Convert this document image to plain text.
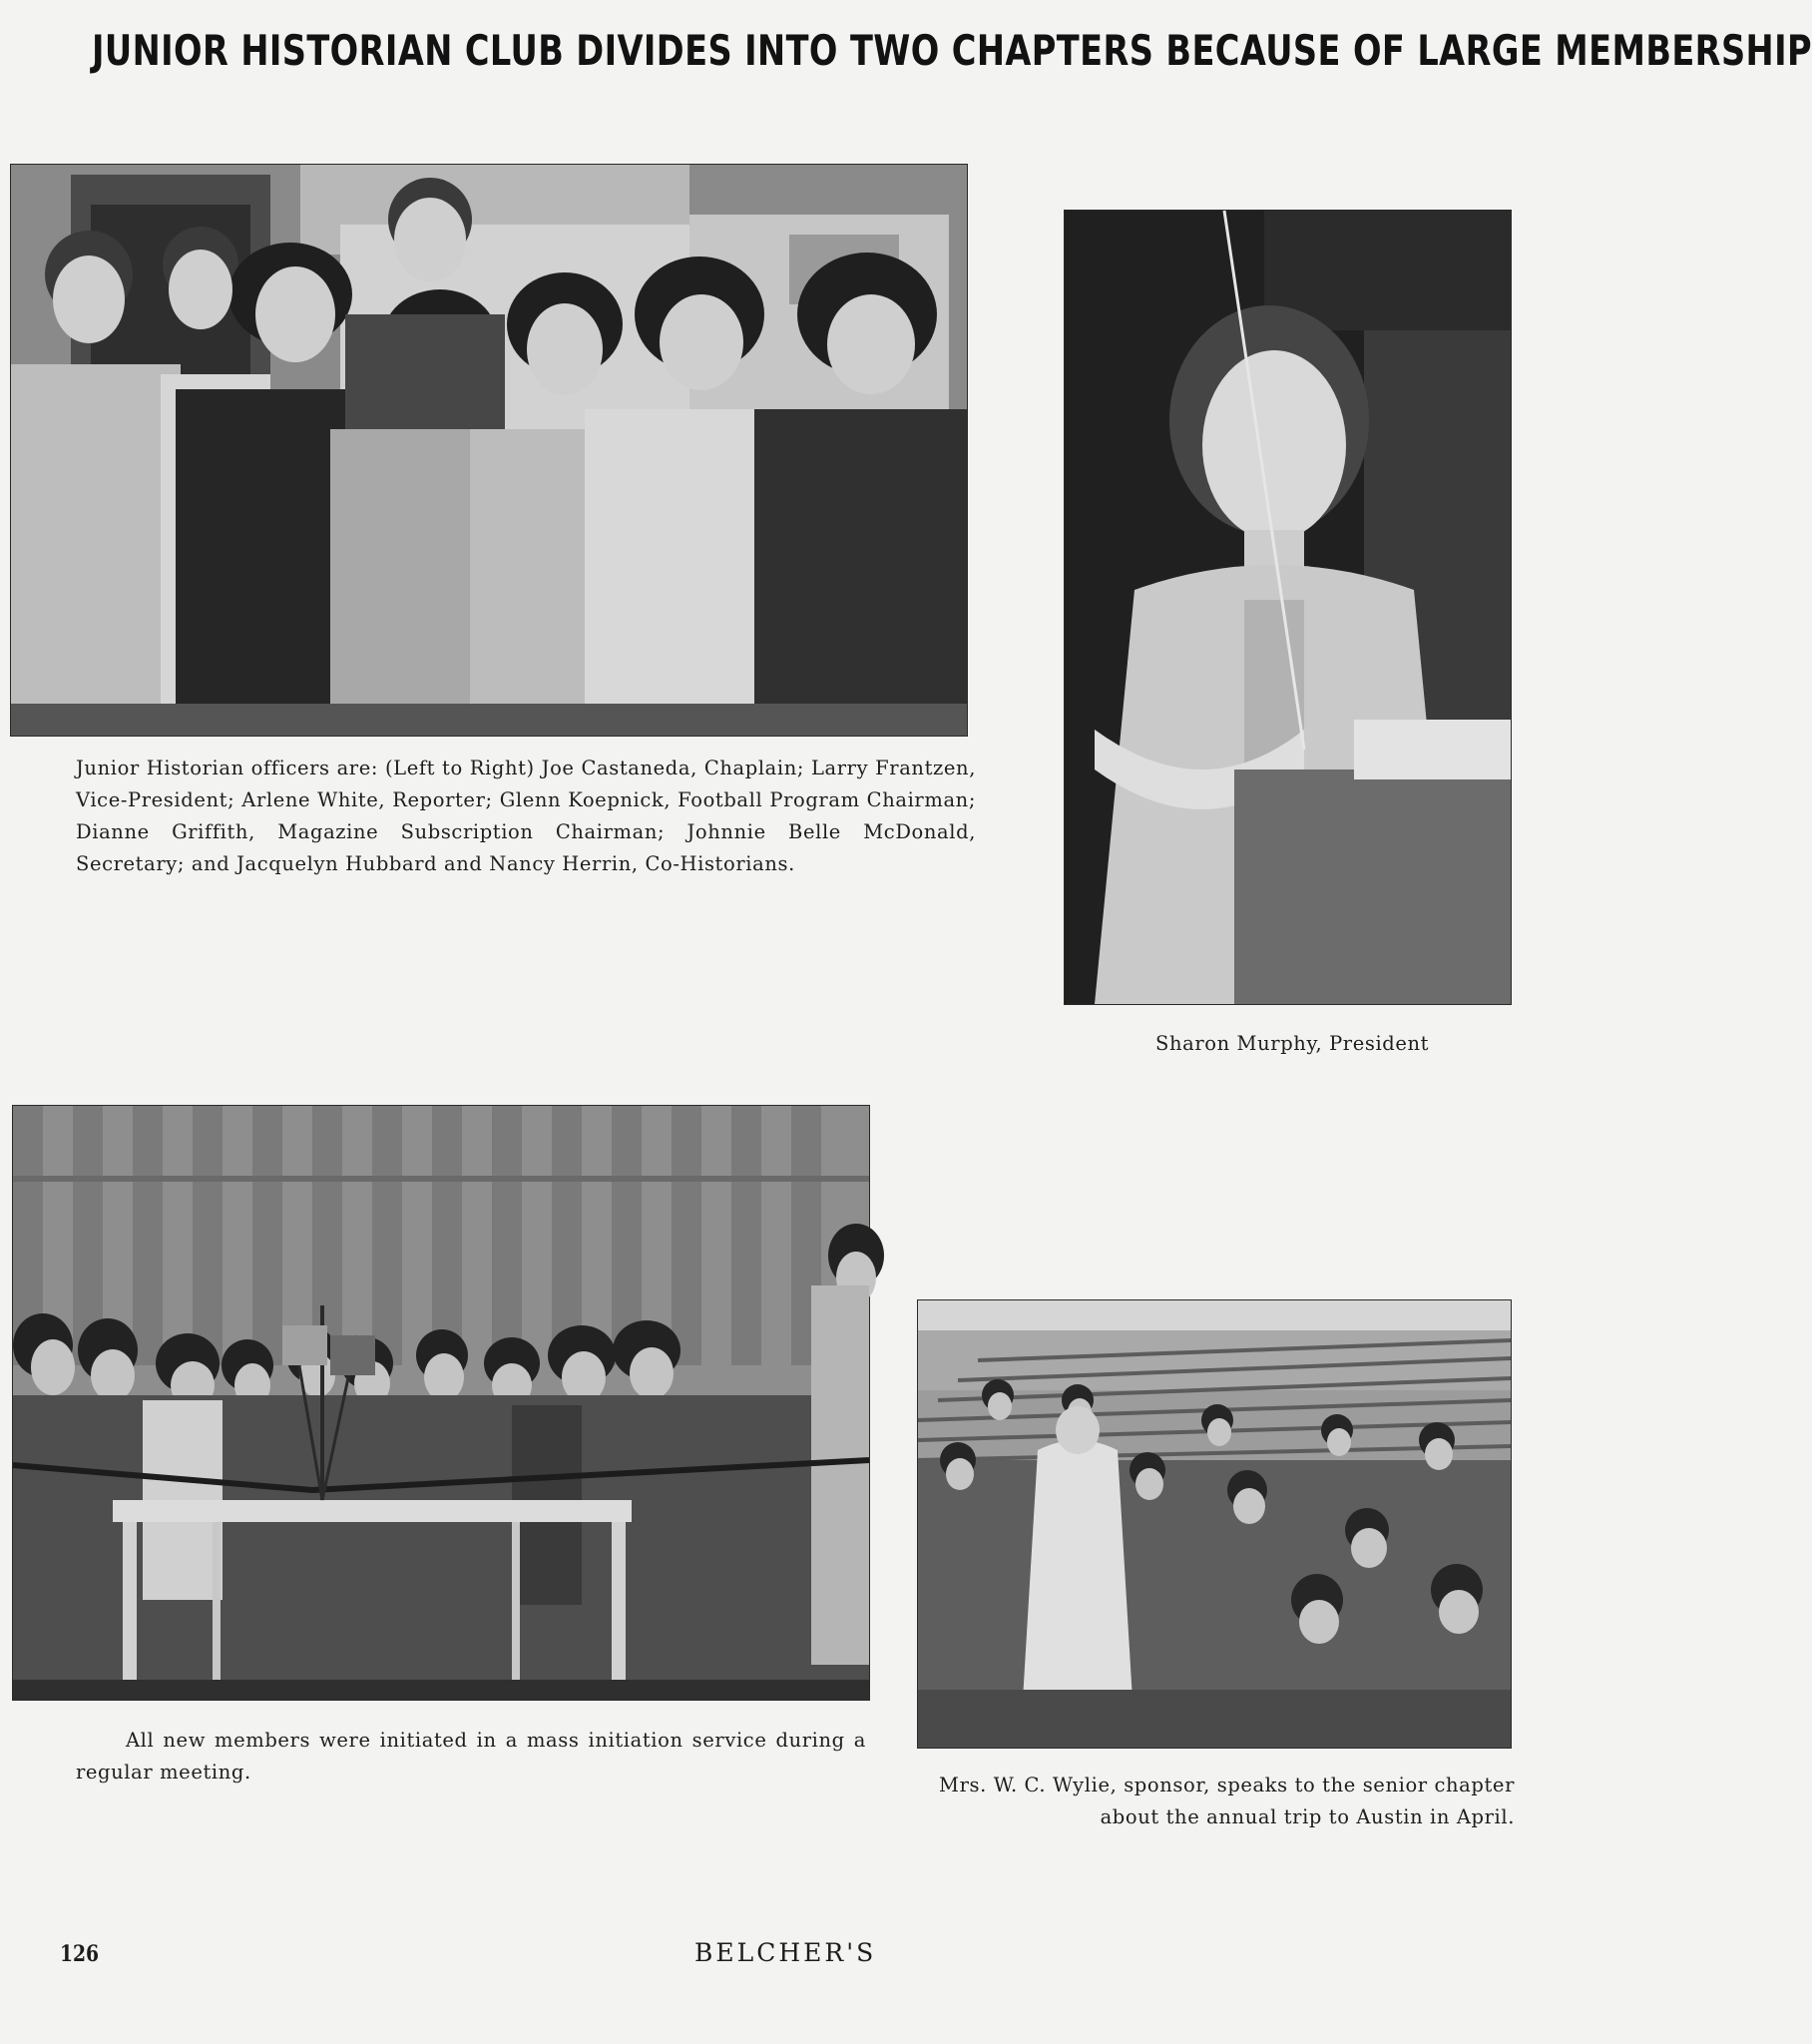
JUNIOR HISTORIAN CLUB DIVIDES INTO TWO CHAPTERS BECAUSE OF LARGE MEMBERSHIP
Junior Historian officers are: (Left to Right) Joe Castaneda, Chaplain; Larry Frantzen, Vice-President; Arlene White, Reporter; Glenn Koepnick, Football Program Chairman; Dianne Griffith, Magazine Subscription Chairman; Johnnie Belle McDonald, Secretary; and Jacquelyn Hubbard and Nancy Herrin, Co-Historians.
Sharon Murphy, President
All new members were initiated in a mass initiation service during a regular meeting.
Mrs. W. C. Wylie, sponsor, speaks to the senior chapter about the annual trip to Austin in April.
126	BELCHER'S
